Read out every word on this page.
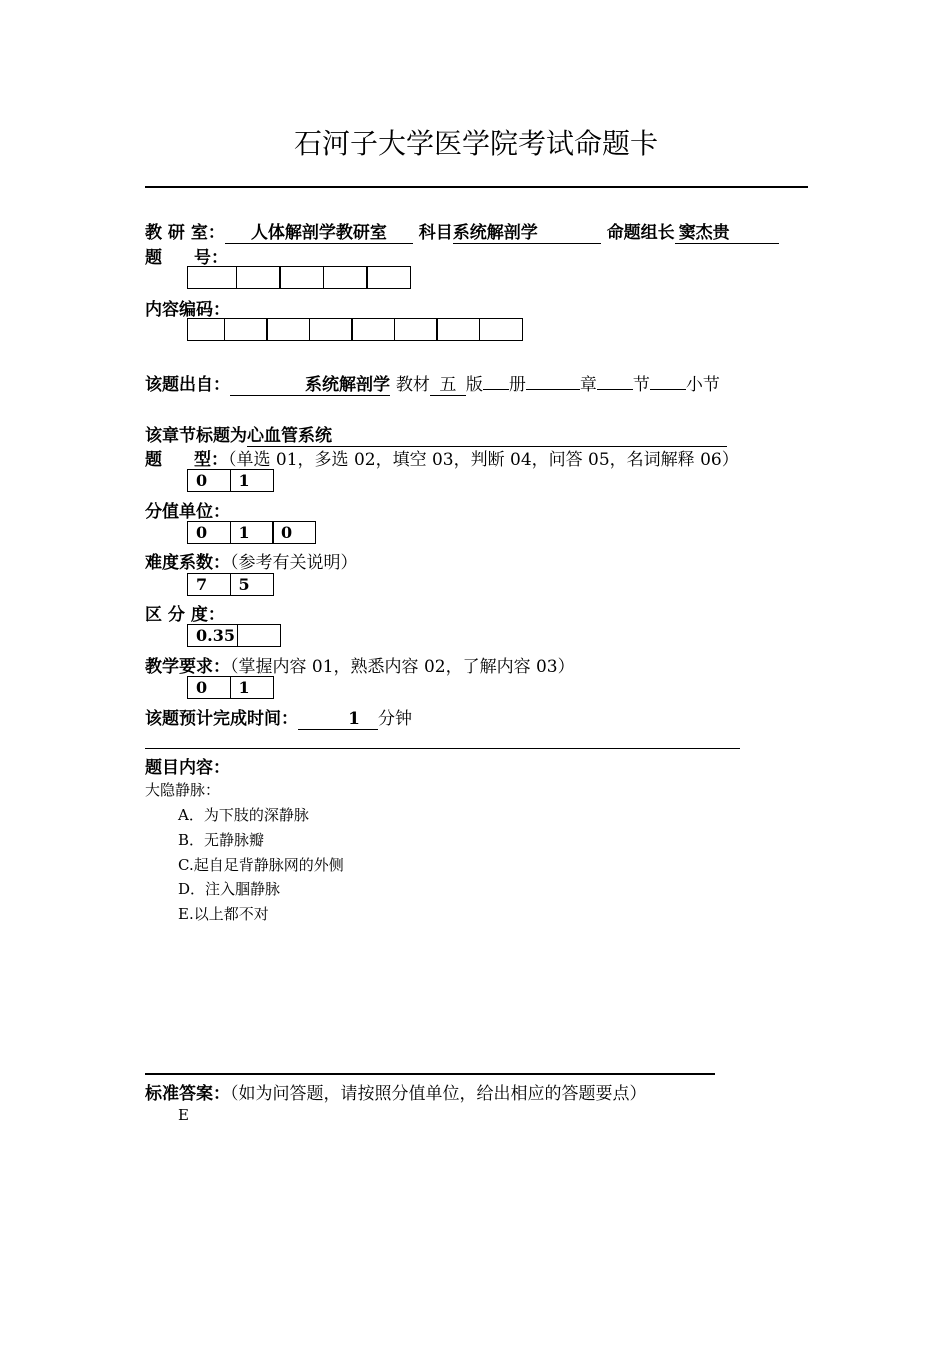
石河子大学医学院考试命题卡
教 研 室： 人体解剖学教研室 科目系统解剖学	命题组长 窦杰贵
题 号：
内容编码：
该题出自：	系统解剖学 教材 五 版 册	章 节 小节
该章节标题为心血管系统
题 型：（单选 01，多选 02，填空 03，判断 04，问答 05，名词解释 06）
0	1
分值单位：
0	1	0
难度系数：（参考有关说明）
7	5
区 分 度：
0.35
教学要求：（掌握内容 01，熟悉内容 02，了解内容 03）
0	1
该题预计完成时间：	1 分钟
题目内容：
大隐静脉：
A．为下肢的深静脉
B．无静脉瓣
C.起自足背静脉网的外侧
D．注入腘静脉
E.以上都不对
标准答案：（如为问答题，请按照分值单位，给出相应的答题要点）
E
